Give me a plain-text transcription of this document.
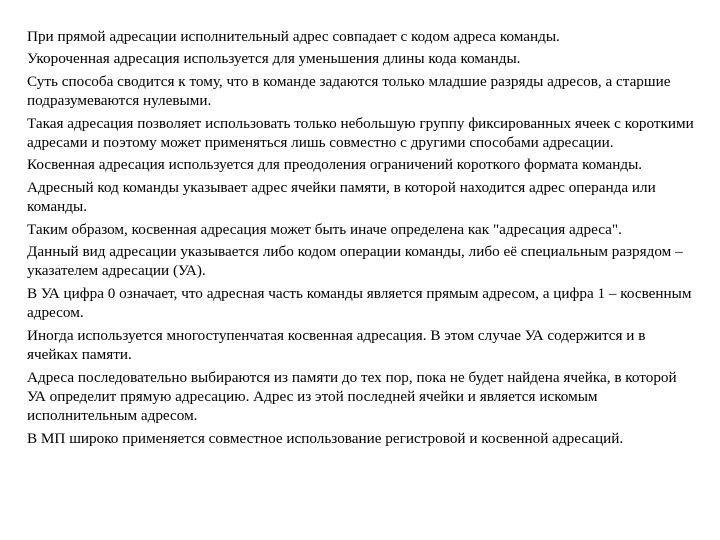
При прямой адресации исполнительный адрес совпадает с кодом адреса команды.

Укороченная адресация используется для уменьшения длины кода команды.

Суть способа сводится к тому, что в команде задаются только младшие разряды адресов, а старшие подразумеваются нулевыми.

Такая адресация позволяет использовать только небольшую группу фиксированных ячеек с короткими адресами и поэтому может применяться лишь совместно с другими способами адресации.

Косвенная адресация используется для преодоления ограничений короткого формата команды.

Адресный код команды указывает адрес ячейки памяти, в которой находится адрес операнда или команды.

Таким образом, косвенная адресация может быть иначе определена как "адресация адреса".

Данный вид адресации указывается либо кодом операции команды, либо её специальным разрядом – указателем адресации (УА).

В УА цифра 0 означает, что адресная часть команды является прямым адресом, а цифра 1 – косвенным адресом.

Иногда используется многоступенчатая косвенная адресация. В этом случае УА содержится и в ячейках памяти.

Адреса последовательно выбираются из памяти до тех пор, пока не будет найдена ячейка, в которой УА определит прямую адресацию. Адрес из этой последней ячейки и является искомым исполнительным адресом.

В МП широко применяется совместное использование регистровой и косвенной адресаций.
